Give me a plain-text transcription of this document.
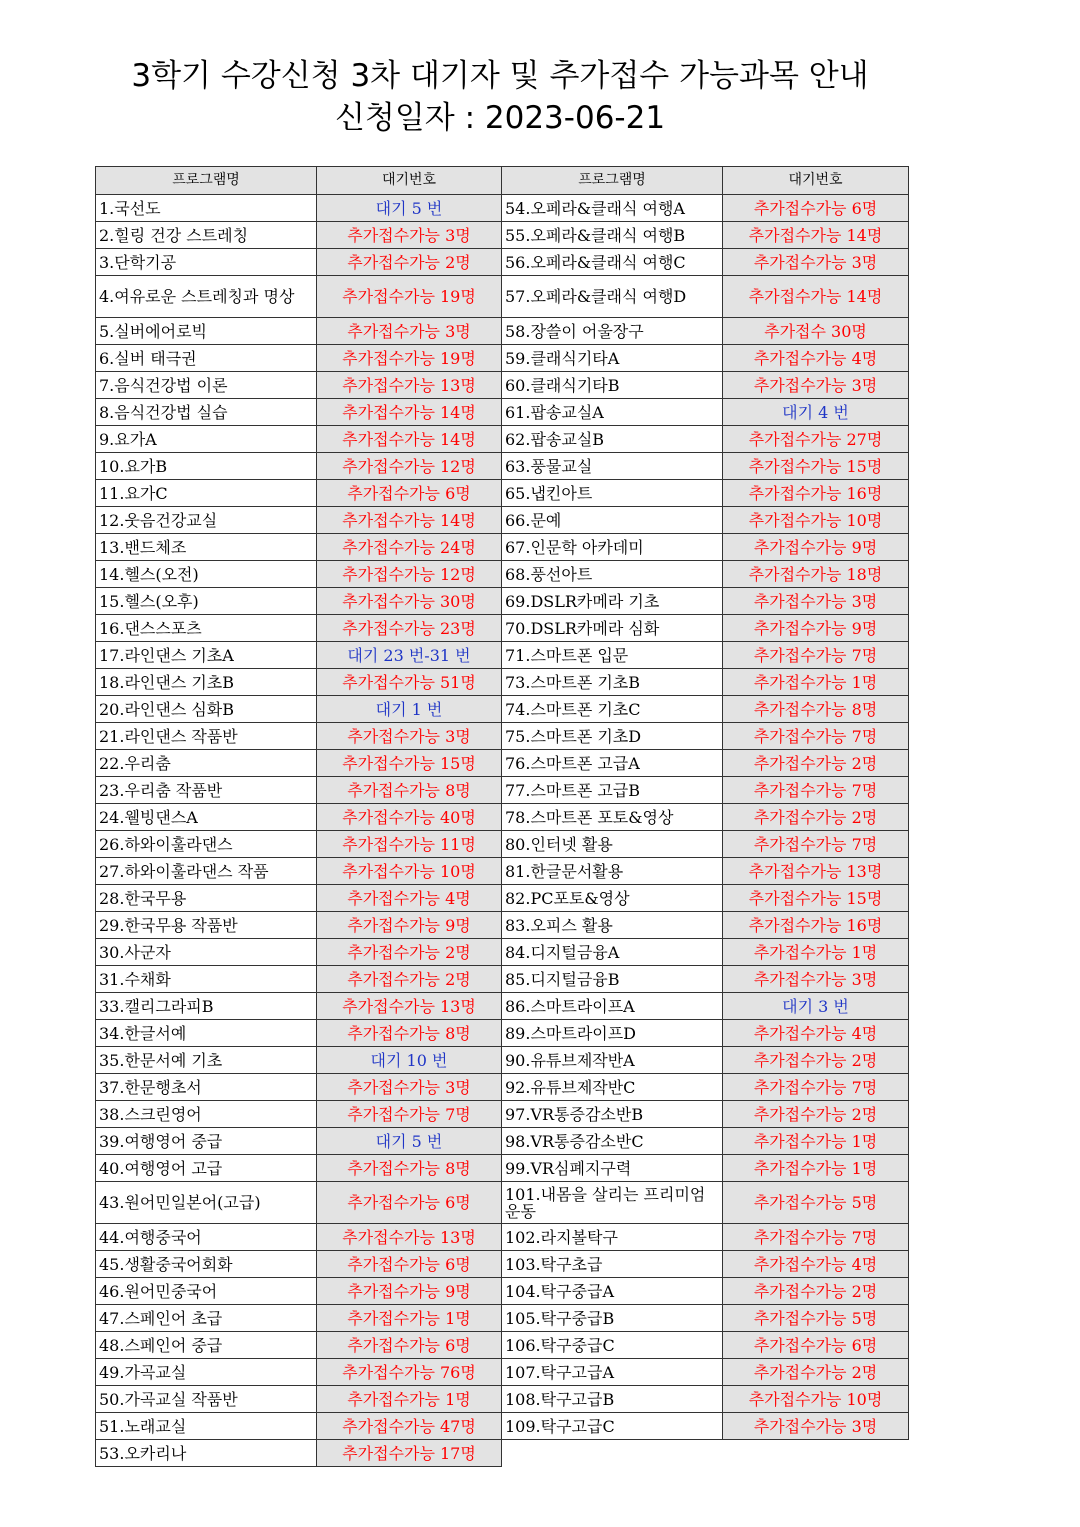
3학기 수강신청 3차 대기자 및 추가접수 가능과목 안내
신청일자 : 2023-06-21
프로그램명	대기번호	프로그램명	대기번호
1.국선도	대기 5 번	54.오페라&클래식 여행A	추가접수가능 6명
2.힐링 건강 스트레칭	추가접수가능 3명	55.오페라&클래식 여행B	추가접수가능 14명
3.단학기공	추가접수가능 2명	56.오페라&클래식 여행C	추가접수가능 3명
4.여유로운 스트레칭과 명상	추가접수가능 19명	57.오페라&클래식 여행D	추가접수가능 14명
5.실버에어로빅	추가접수가능 3명	58.장쓸이 어울장구	추가접수 30명
6.실버 태극권	추가접수가능 19명	59.클래식기타A	추가접수가능 4명
7.음식건강법 이론	추가접수가능 13명	60.클래식기타B	추가접수가능 3명
8.음식건강법 실습	추가접수가능 14명	61.팝송교실A	대기 4 번
9.요가A	추가접수가능 14명	62.팝송교실B	추가접수가능 27명
10.요가B	추가접수가능 12명	63.풍물교실	추가접수가능 15명
11.요가C	추가접수가능 6명	65.냅킨아트	추가접수가능 16명
12.웃음건강교실	추가접수가능 14명	66.문예	추가접수가능 10명
13.밴드체조	추가접수가능 24명	67.인문학 아카데미	추가접수가능 9명
14.헬스(오전)	추가접수가능 12명	68.풍선아트	추가접수가능 18명
15.헬스(오후)	추가접수가능 30명	69.DSLR카메라 기초	추가접수가능 3명
16.댄스스포츠	추가접수가능 23명	70.DSLR카메라 심화	추가접수가능 9명
17.라인댄스 기초A	대기 23 번-31 번	71.스마트폰 입문	추가접수가능 7명
18.라인댄스 기초B	추가접수가능 51명	73.스마트폰 기초B	추가접수가능 1명
20.라인댄스 심화B	대기 1 번	74.스마트폰 기초C	추가접수가능 8명
21.라인댄스 작품반	추가접수가능 3명	75.스마트폰 기초D	추가접수가능 7명
22.우리춤	추가접수가능 15명	76.스마트폰 고급A	추가접수가능 2명
23.우리춤 작품반	추가접수가능 8명	77.스마트폰 고급B	추가접수가능 7명
24.웰빙댄스A	추가접수가능 40명	78.스마트폰 포토&영상	추가접수가능 2명
26.하와이훌라댄스	추가접수가능 11명	80.인터넷 활용	추가접수가능 7명
27.하와이훌라댄스 작품	추가접수가능 10명	81.한글문서활용	추가접수가능 13명
28.한국무용	추가접수가능 4명	82.PC포토&영상	추가접수가능 15명
29.한국무용 작품반	추가접수가능 9명	83.오피스 활용	추가접수가능 16명
30.사군자	추가접수가능 2명	84.디지털금융A	추가접수가능 1명
31.수채화	추가접수가능 2명	85.디지털금융B	추가접수가능 3명
33.캘리그라피B	추가접수가능 13명	86.스마트라이프A	대기 3 번
34.한글서예	추가접수가능 8명	89.스마트라이프D	추가접수가능 4명
35.한문서예 기초	대기 10 번	90.유튜브제작반A	추가접수가능 2명
37.한문행초서	추가접수가능 3명	92.유튜브제작반C	추가접수가능 7명
38.스크린영어	추가접수가능 7명	97.VR통증감소반B	추가접수가능 2명
39.여행영어 중급	대기 5 번	98.VR통증감소반C	추가접수가능 1명
40.여행영어 고급	추가접수가능 8명	99.VR심폐지구력	추가접수가능 1명
43.원어민일본어(고급)	추가접수가능 6명	101.내몸을 살리는 프리미엄 운동	추가접수가능 5명
44.여행중국어	추가접수가능 13명	102.라지볼탁구	추가접수가능 7명
45.생활중국어회화	추가접수가능 6명	103.탁구초급	추가접수가능 4명
46.원어민중국어	추가접수가능 9명	104.탁구중급A	추가접수가능 2명
47.스페인어 초급	추가접수가능 1명	105.탁구중급B	추가접수가능 5명
48.스페인어 중급	추가접수가능 6명	106.탁구중급C	추가접수가능 6명
49.가곡교실	추가접수가능 76명	107.탁구고급A	추가접수가능 2명
50.가곡교실 작품반	추가접수가능 1명	108.탁구고급B	추가접수가능 10명
51.노래교실	추가접수가능 47명	109.탁구고급C	추가접수가능 3명
53.오카리나	추가접수가능 17명		
